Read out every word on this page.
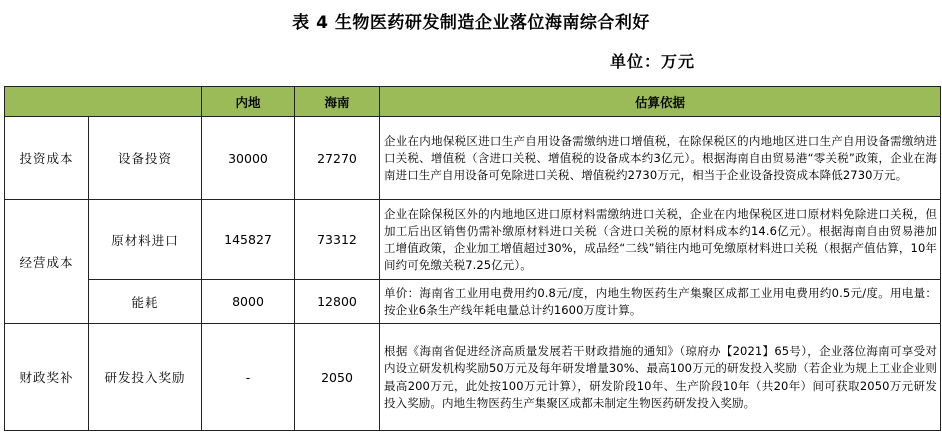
表 4 生物医药研发制造企业落位海南综合利好
单位：万元
		内地	海南	估算依据
投资成本	设备投资	30000	27270	企业在内地保税区进口生产自用设备需缴纳进口增值税，在除保税区的内地地区进口生产自用设备需缴纳进口关税、增值税（含进口关税、增值税的设备成本约3亿元）。根据海南自由贸易港“零关税”政策，企业在海南进口生产自用设备可免除进口关税、增值税约2730万元，相当于企业设备投资成本降低2730万元。
经营成本	原材料进口	145827	73312	企业在除保税区外的内地地区进口原材料需缴纳进口关税，企业在内地保税区进口原材料免除进口关税，但加工后出区销售仍需补缴原材料进口关税（含进口关税的原材料成本约14.6亿元）。根据海南自由贸易港加工增值政策，企业加工增值超过30%，成品经“二线”销往内地可免缴原材料进口关税（根据产值估算，10年间约可免缴关税7.25亿元）。
	能耗	8000	12800	单价：海南省工业用电费用约0.8元/度，内地生物医药生产集聚区成都工业用电费用约0.5元/度。用电量：按企业6条生产线年耗电量总计约1600万度计算。
财政奖补	研发投入奖励	-	2050	根据《海南省促进经济高质量发展若干财政措施的通知》（琼府办【2021】65号），企业落位海南可享受对内设立研发机构奖励50万元及每年研发增量30%、最高100万元的研发投入奖励（若企业为规上工业企业则最高200万元，此处按100万元计算），研发阶段10年、生产阶段10年（共20年）间可获取2050万元研发投入奖励。内地生物医药生产集聚区成都未制定生物医药研发投入奖励。
